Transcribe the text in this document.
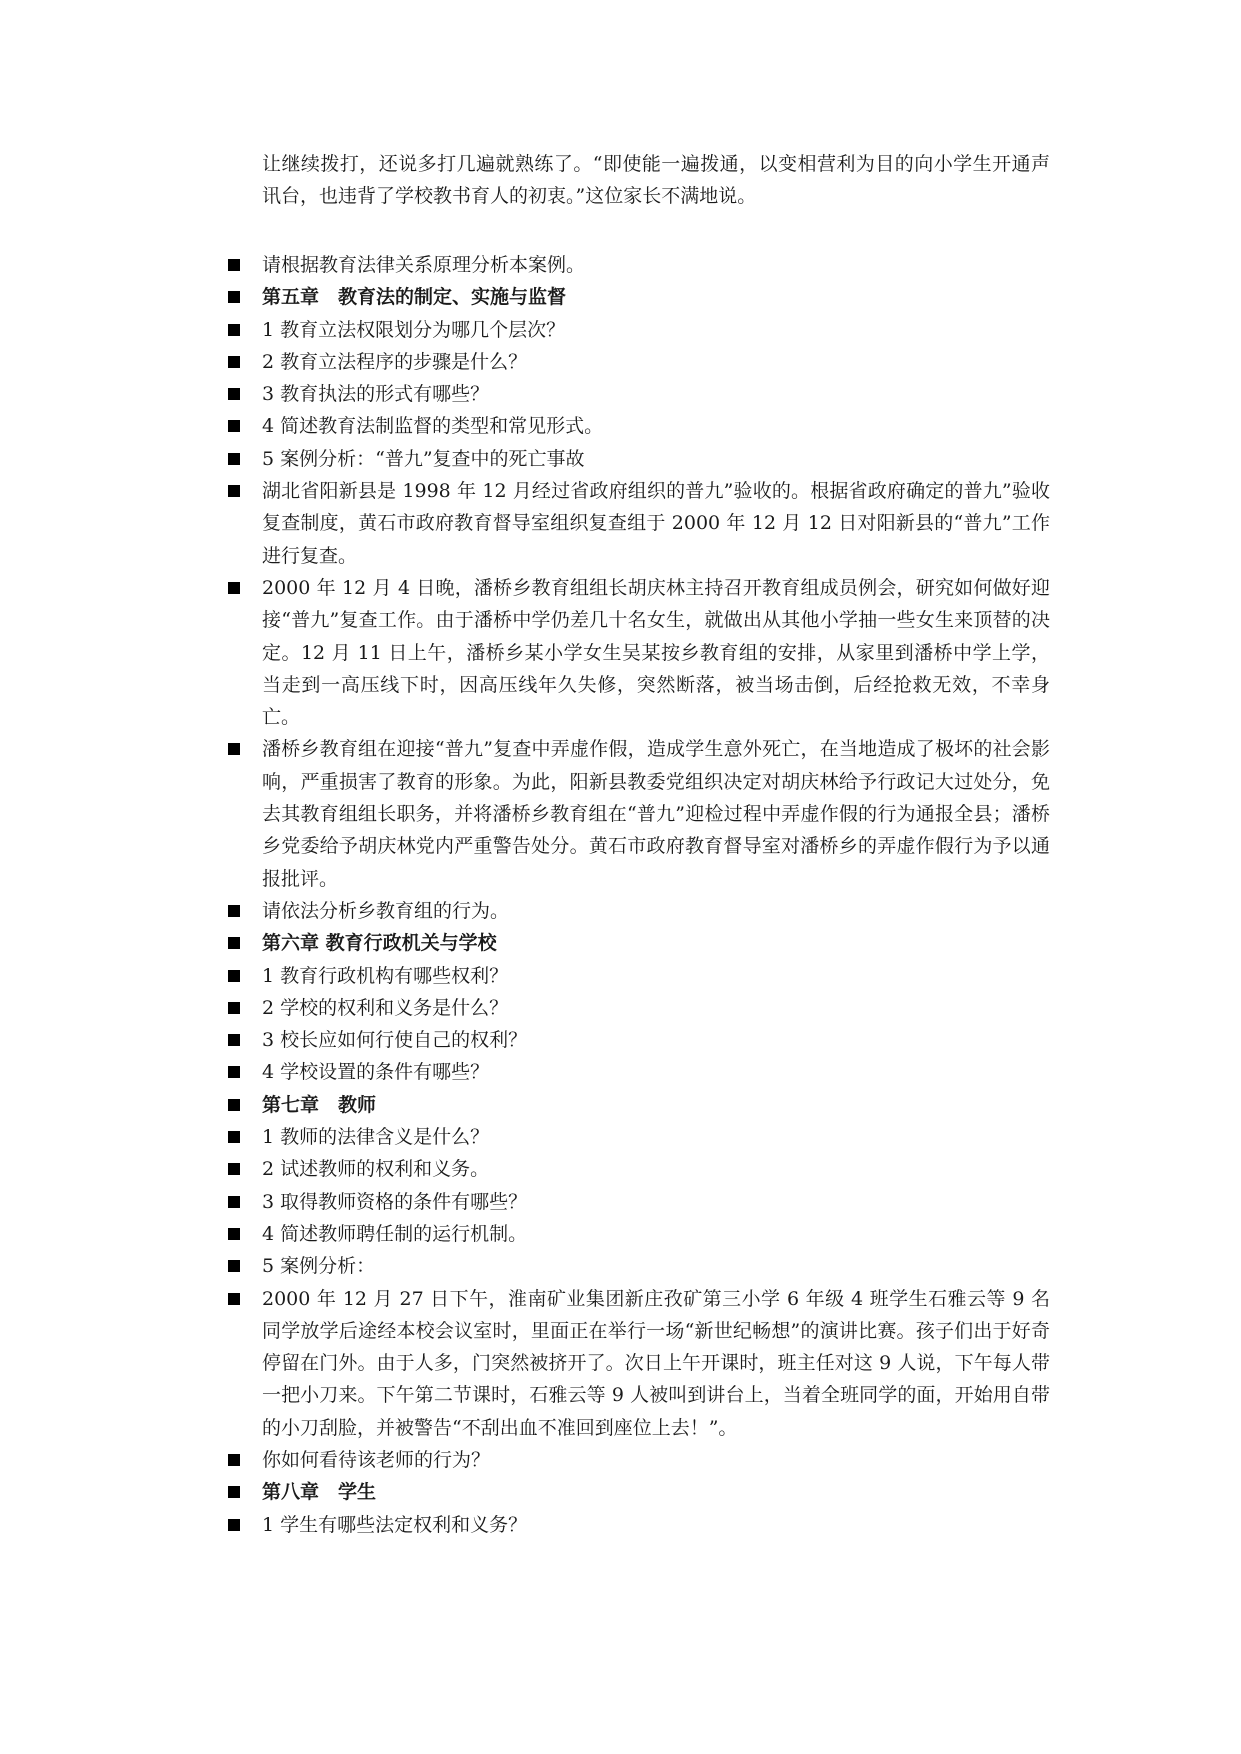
让继续拨打，还说多打几遍就熟练了。“即使能一遍拨通，以变相营利为目的向小学生开通声讯台，也违背了学校教书育人的初衷。”这位家长不满地说。

请根据教育法律关系原理分析本案例。
第五章　教育法的制定、实施与监督
1 教育立法权限划分为哪几个层次？
2 教育立法程序的步骤是什么？
3 教育执法的形式有哪些？
4 简述教育法制监督的类型和常见形式。
5 案例分析：“普九”复查中的死亡事故
湖北省阳新县是 1998 年 12 月经过省政府组织的普九”验收的。根据省政府确定的普九”验收复查制度，黄石市政府教育督导室组织复查组于 2000 年 12 月 12 日对阳新县的“普九”工作进行复查。
2000 年 12 月 4 日晚，潘桥乡教育组组长胡庆林主持召开教育组成员例会，研究如何做好迎接“普九”复查工作。由于潘桥中学仍差几十名女生，就做出从其他小学抽一些女生来顶替的决定。12 月 11 日上午，潘桥乡某小学女生吴某按乡教育组的安排，从家里到潘桥中学上学，当走到一高压线下时，因高压线年久失修，突然断落，被当场击倒，后经抢救无效，不幸身亡。
潘桥乡教育组在迎接“普九”复查中弄虚作假，造成学生意外死亡，在当地造成了极坏的社会影响，严重损害了教育的形象。为此，阳新县教委党组织决定对胡庆林给予行政记大过处分，免去其教育组组长职务，并将潘桥乡教育组在“普九”迎检过程中弄虚作假的行为通报全县；潘桥乡党委给予胡庆林党内严重警告处分。黄石市政府教育督导室对潘桥乡的弄虚作假行为予以通报批评。
请依法分析乡教育组的行为。
第六章 教育行政机关与学校
1 教育行政机构有哪些权利？
2 学校的权利和义务是什么？
3 校长应如何行使自己的权利？
4 学校设置的条件有哪些？
第七章　教师
1 教师的法律含义是什么？
2 试述教师的权利和义务。
3 取得教师资格的条件有哪些？
4 简述教师聘任制的运行机制。
5 案例分析：
2000 年 12 月 27 日下午，淮南矿业集团新庄孜矿第三小学 6 年级 4 班学生石雅云等 9 名同学放学后途经本校会议室时，里面正在举行一场“新世纪畅想”的演讲比赛。孩子们出于好奇停留在门外。由于人多，门突然被挤开了。次日上午开课时，班主任对这 9 人说，下午每人带一把小刀来。下午第二节课时，石雅云等 9 人被叫到讲台上，当着全班同学的面，开始用自带的小刀刮脸，并被警告“不刮出血不准回到座位上去！”。
你如何看待该老师的行为？
第八章　学生
1 学生有哪些法定权利和义务？
